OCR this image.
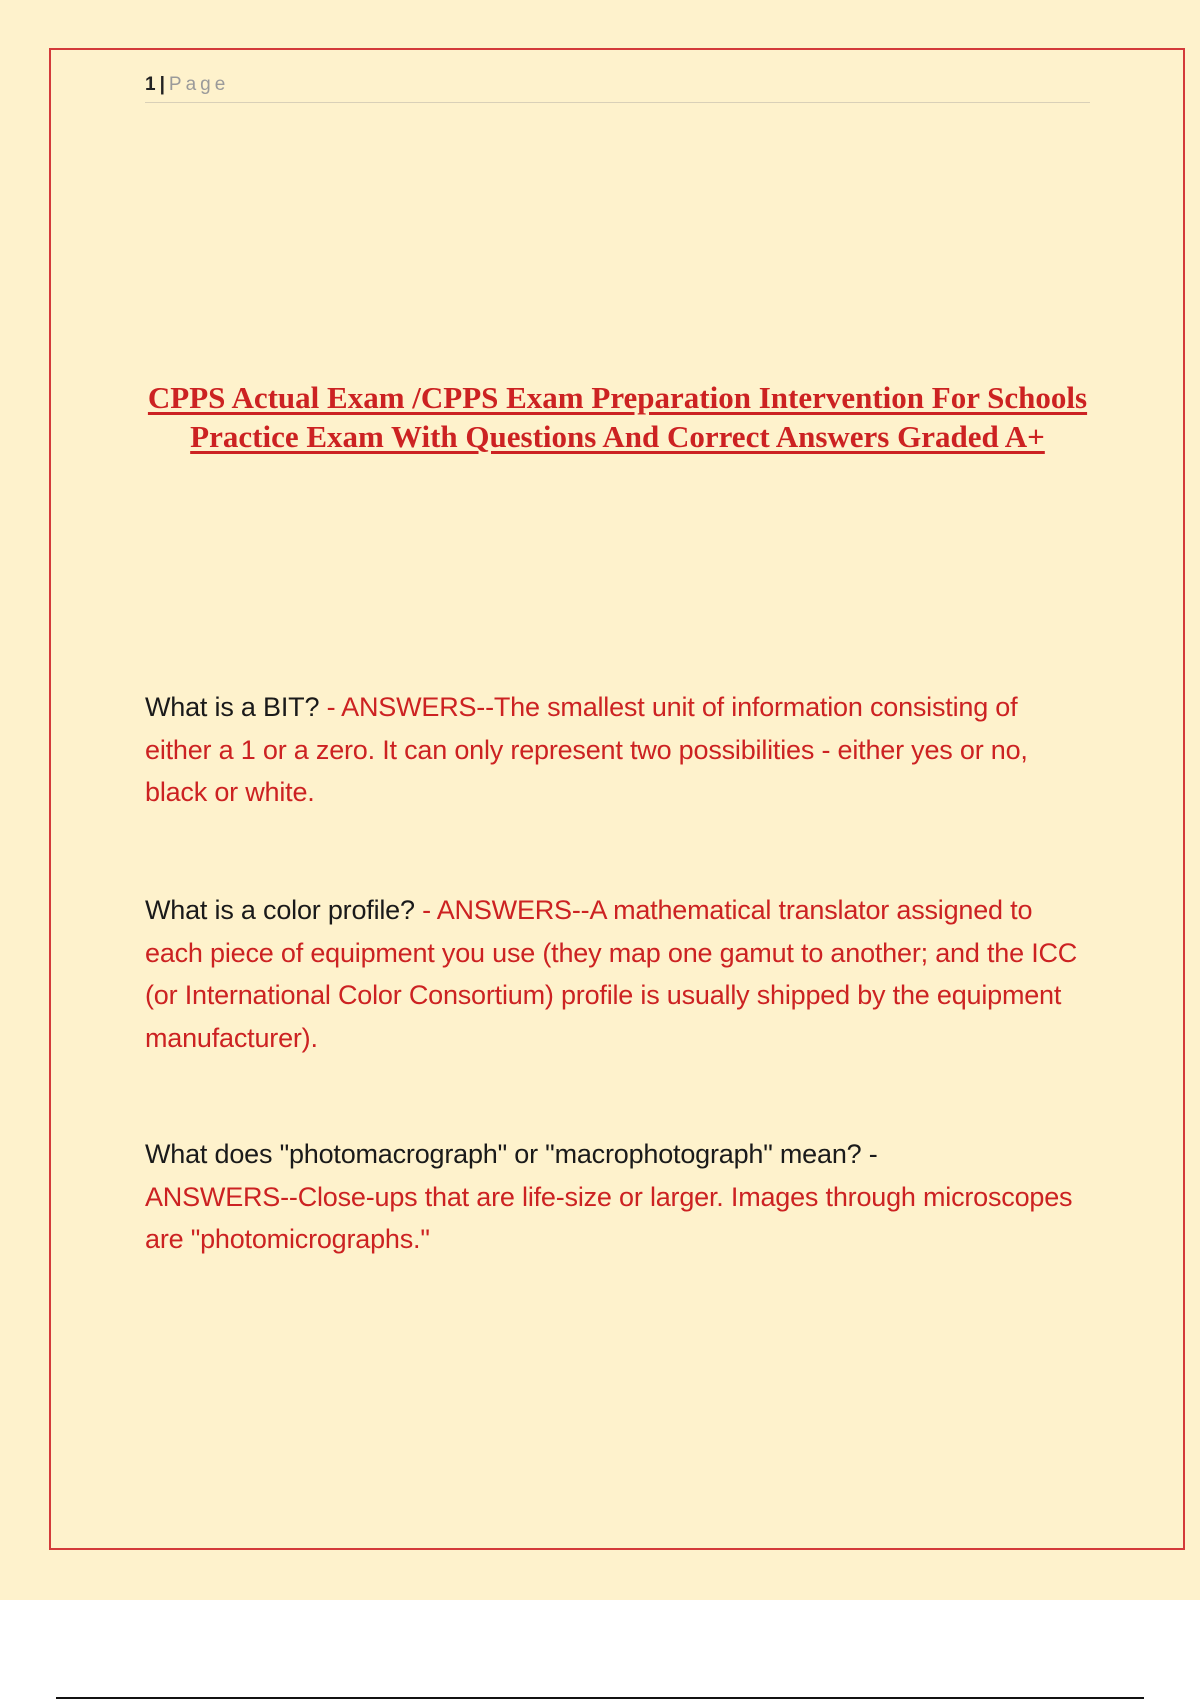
1 | Page
CPPS Actual Exam /CPPS Exam Preparation Intervention For Schools Practice Exam With Questions And Correct Answers Graded A+
What is a BIT? - ANSWERS--The smallest unit of information consisting of either a 1 or a zero. It can only represent two possibilities - either yes or no, black or white.
What is a color profile? - ANSWERS--A mathematical translator assigned to each piece of equipment you use (they map one gamut to another; and the ICC (or International Color Consortium) profile is usually shipped by the equipment manufacturer).
What does "photomacrograph" or "macrophotograph" mean? -
ANSWERS--Close-ups that are life-size or larger. Images through microscopes are "photomicrographs."
